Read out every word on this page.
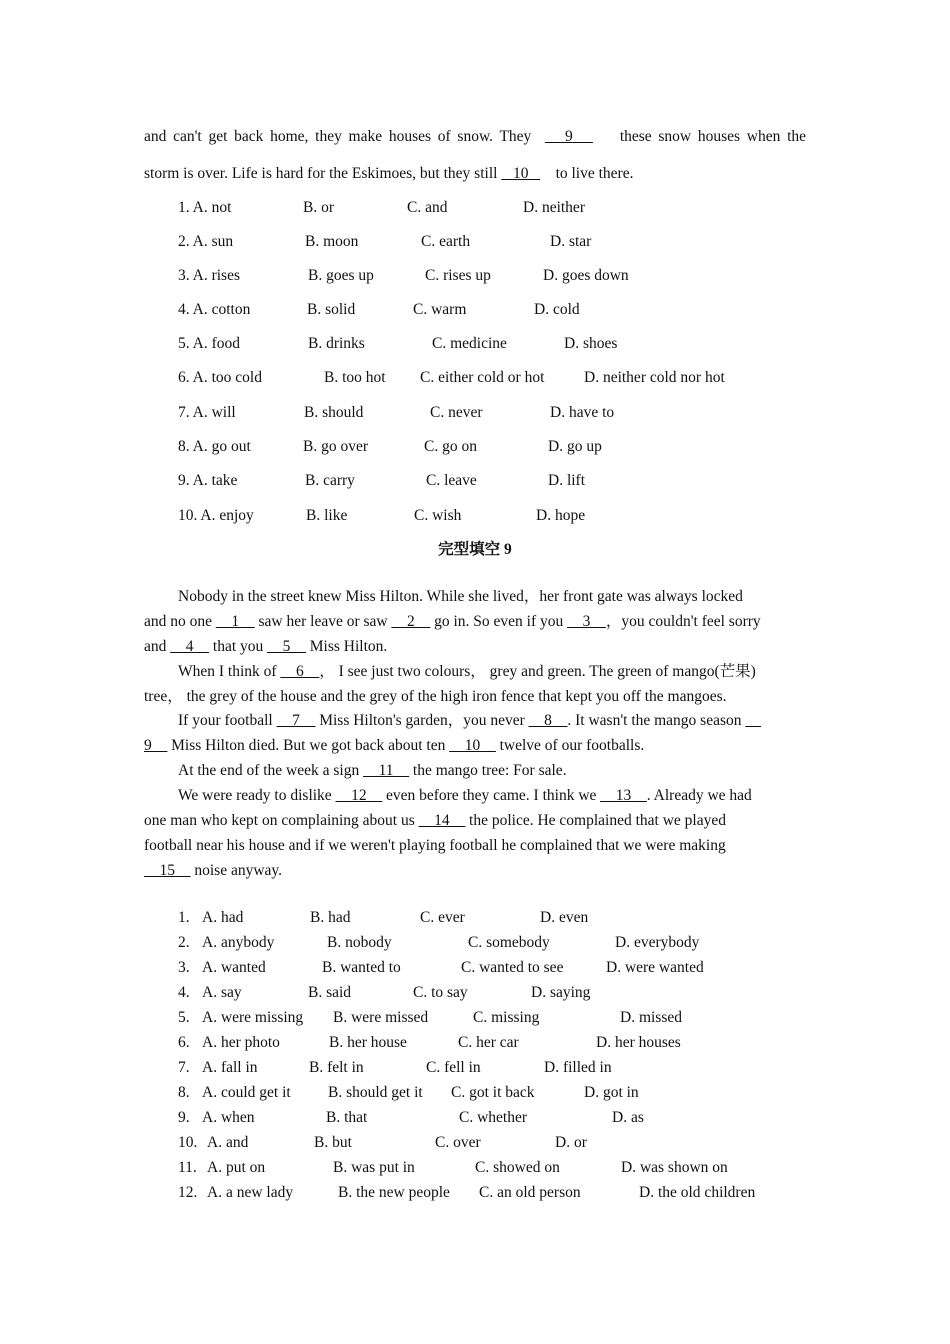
and can't get back home, they make houses of snow. They 9	these snow houses when the
storm is over. Life is hard for the Eskimoes, but they still 10 to live there.
1. A. not	B. or	C. and	D. neither
2. A. sun	B. moon	C. earth	D. star
3. A. rises	B. goes up	C. rises up	D. goes down
4. A. cotton	B. solid	C. warm	D. cold
5. A. food	B. drinks	C. medicine	D. shoes
6. A. too cold	B. too hot C. either cold or hot	D. neither cold nor hot
7. A. will	B. should	C. never	D. have to
8. A. go out	B. go over	C. go on	D. go up
9. A. take	B. carry	C. leave	D. lift
10. A. enjoy	B. like	C. wish	D. hope
完型填空 9
Nobody in the street knew Miss Hilton. While she lived，her front gate was always locked
and no one __1__ saw her leave or saw __2__ go in. So even if you __3__，you couldn't feel sorry
and __4__ that you __5__ Miss Hilton.
When I think of __6__， I see just two colours， grey and green. The green of mango(芒果)
tree， the grey of the house and the grey of the high iron fence that kept you off the mangoes.
If your football __7__ Miss Hilton's garden，you never __8__. It wasn't the mango season __
9__ Miss Hilton died. But we got back about ten __10__ twelve of our footballs.
At the end of the week a sign __11__ the mango tree: For sale.
We were ready to dislike __12__ even before they came. I think we __13__. Already we had
one man who kept on complaining about us __14__ the police. He complained that we played
football near his house and if we weren't playing football he complained that we were making
__15__ noise anyway.
1. A. had	B. had	C. ever	D. even
2. A. anybody	B. nobody	C. somebody	D. everybody
3. A. wanted	B. wanted to	C. wanted to see	D. were wanted
4. A. say	B. said	C. to say	D. saying
5. A. were missing B. were missed	C. missing	D. missed
6. A. her photo	B. her house	C. her car	D. her houses
7. A. fall in	B. felt in	C. fell in	D. filled in
8. A. could get it B. should get it C. got it back	D. got in
9. A. when	B. that	C. whether	D. as
10. A. and	B. but	C. over	D. or
11. A. put on	B. was put in	C. showed on	D. was shown on
12. A. a new lady	B. the new people C. an old person	D. the old children
